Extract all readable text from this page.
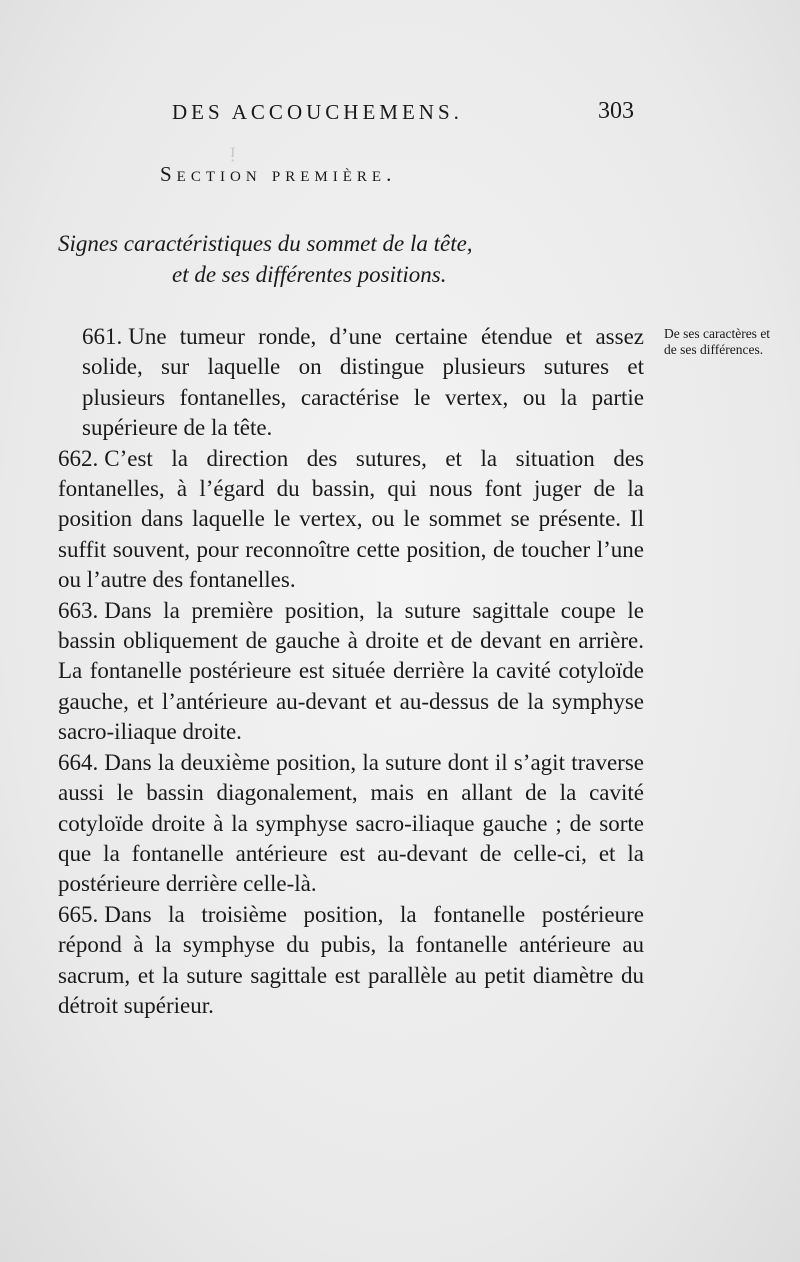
ᴉ
DES ACCOUCHEMENS.	303
Section première.
Signes caractéristiques du sommet de la tête,
et de ses différentes positions.

661. Une tumeur ronde, d’une certaine étendue et assez solide, sur laquelle on distingue plusieurs sutures et plusieurs fontanelles, caractérise le vertex, ou la partie supérieure de la tête.

662. C’est la direction des sutures, et la situation des fontanelles, à l’égard du bassin, qui nous font juger de la position dans laquelle le vertex, ou le sommet se présente. Il suffit souvent, pour reconnoître cette position, de toucher l’une ou l’autre des fontanelles.

663. Dans la première position, la suture sagittale coupe le bassin obliquement de gauche à droite et de devant en arrière. La fontanelle postérieure est située derrière la cavité cotyloïde gauche, et l’antérieure au-devant et au-dessus de la symphyse sacro-iliaque droite.

664. Dans la deuxième position, la suture dont il s’agit traverse aussi le bassin diagonalement, mais en allant de la cavité cotyloïde droite à la symphyse sacro-iliaque gauche ; de sorte que la fontanelle antérieure est au-devant de celle-ci, et la postérieure derrière celle-là.

665. Dans la troisième position, la fontanelle postérieure répond à la symphyse du pubis, la fontanelle antérieure au sacrum, et la suture sagittale est parallèle au petit diamètre du détroit supérieur.

De ses caractères et de ses différences.
